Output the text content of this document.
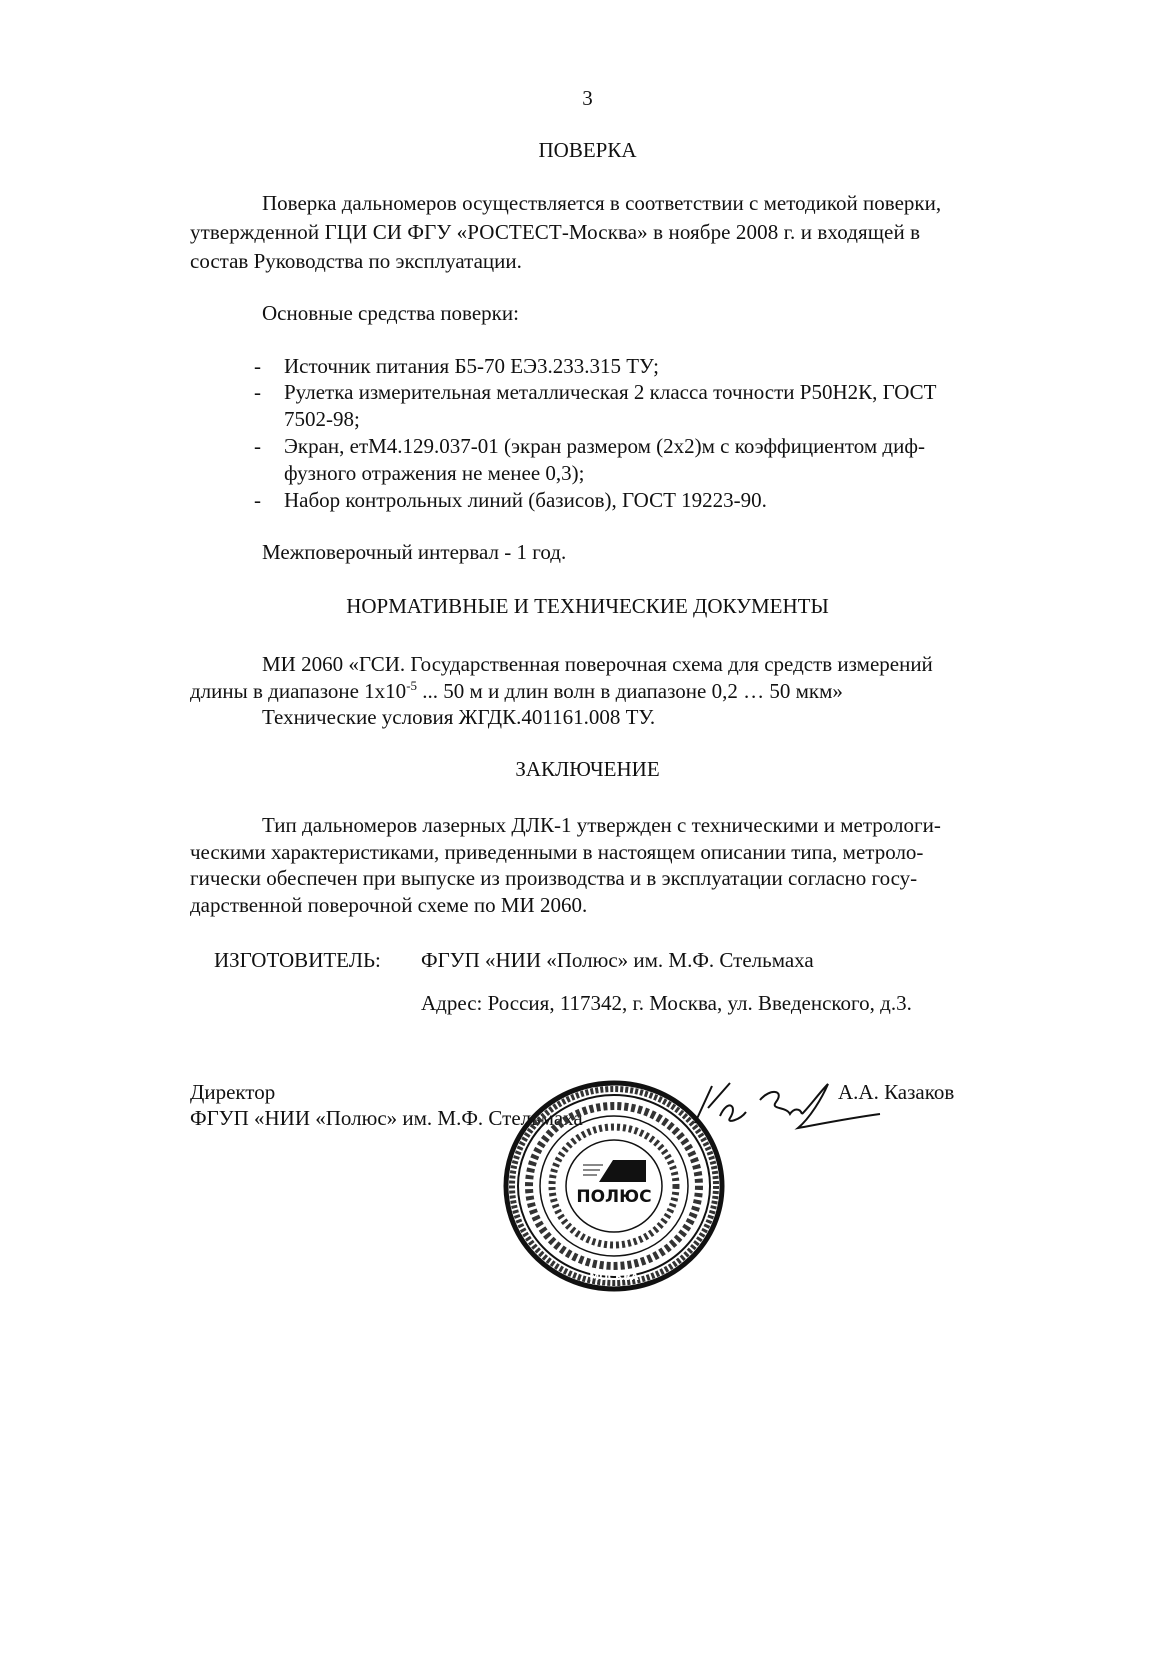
3
ПОВЕРКА
Поверка дальномеров осуществляется в соответствии с методикой поверки,
утвержденной ГЦИ СИ ФГУ «РОСТЕСТ-Москва» в ноябре 2008 г. и входящей в
состав Руководства по эксплуатации.
Основные средства поверки:
- Источник питания Б5-70 ЕЭ3.233.315 ТУ;
- Рулетка измерительная металлическая 2 класса точности Р50Н2К, ГОСТ
7502-98;
- Экран, етМ4.129.037-01 (экран размером (2х2)м с коэффициентом диф-
фузного отражения не менее 0,3);
- Набор контрольных линий (базисов), ГОСТ 19223-90.
Межповерочный интервал - 1 год.
НОРМАТИВНЫЕ И ТЕХНИЧЕСКИЕ ДОКУМЕНТЫ
МИ 2060 «ГСИ. Государственная поверочная схема для средств измерений
длины в диапазоне $1х10^{-5}$ ... 50 м и длин волн в диапазоне 0,2 … 50 мкм»
Технические условия ЖГДК.401161.008 ТУ.
ЗАКЛЮЧЕНИЕ
Тип дальномеров лазерных ДЛК-1 утвержден с техническими и метрологи-
ческими характеристиками, приведенными в настоящем описании типа, метроло-
гически обеспечен при выпуске из производства и в эксплуатации согласно госу-
дарственной поверочной схеме по МИ 2060.
ИЗГОТОВИТЕЛЬ: ФГУП «НИИ «Полюс» им. М.Ф. Стельмаха
Адрес: Россия, 117342, г. Москва, ул. Введенского, д.3.
Директор
ФГУП «НИИ «Полюс» им. М.Ф. Стельмаха
А.А. Казаков
ПОЛЮС
МОСКВА
